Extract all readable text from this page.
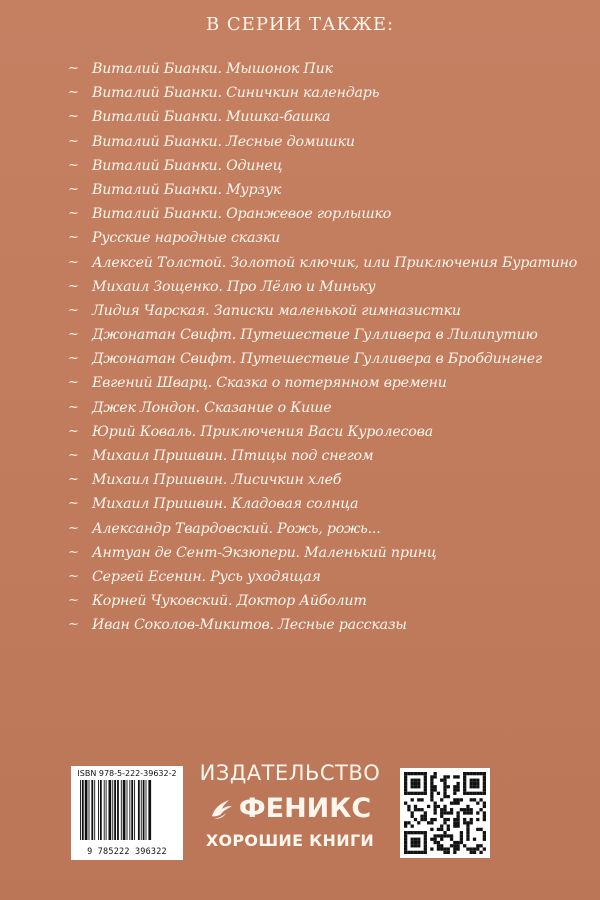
В СЕРИИ ТАКЖЕ:
~ Виталий Бианки. Мышонок Пик
~ Виталий Бианки. Синичкин календарь
~ Виталий Бианки. Мишка-башка
~ Виталий Бианки. Лесные домишки
~ Виталий Бианки. Одинец
~ Виталий Бианки. Мурзук
~ Виталий Бианки. Оранжевое горлышко
~ Русские народные сказки
~ Алексей Толстой. Золотой ключик, или Приключения Буратино
~ Михаил Зощенко. Про Лёлю и Миньку
~ Лидия Чарская. Записки маленькой гимназистки
~ Джонатан Свифт. Путешествие Гулливера в Лилипутию
~ Джонатан Свифт. Путешествие Гулливера в Бробдингнег
~ Евгений Шварц. Сказка о потерянном времени
~ Джек Лондон. Сказание о Кише
~ Юрий Коваль. Приключения Васи Куролесова
~ Михаил Пришвин. Птицы под снегом
~ Михаил Пришвин. Лисичкин хлеб
~ Михаил Пришвин. Кладовая солнца
~ Александр Твардовский. Рожь, рожь...
~ Антуан де Сент-Экзюпери. Маленький принц
~ Сергей Есенин. Русь уходящая
~ Корней Чуковский. Доктор Айболит
~ Иван Соколов-Микитов. Лесные рассказы
ISBN 978-5-222-39632-2
9 785222 396322
ИЗДАТЕЛЬСТВО
ФЕНИКС
ХОРОШИЕ КНИГИ
